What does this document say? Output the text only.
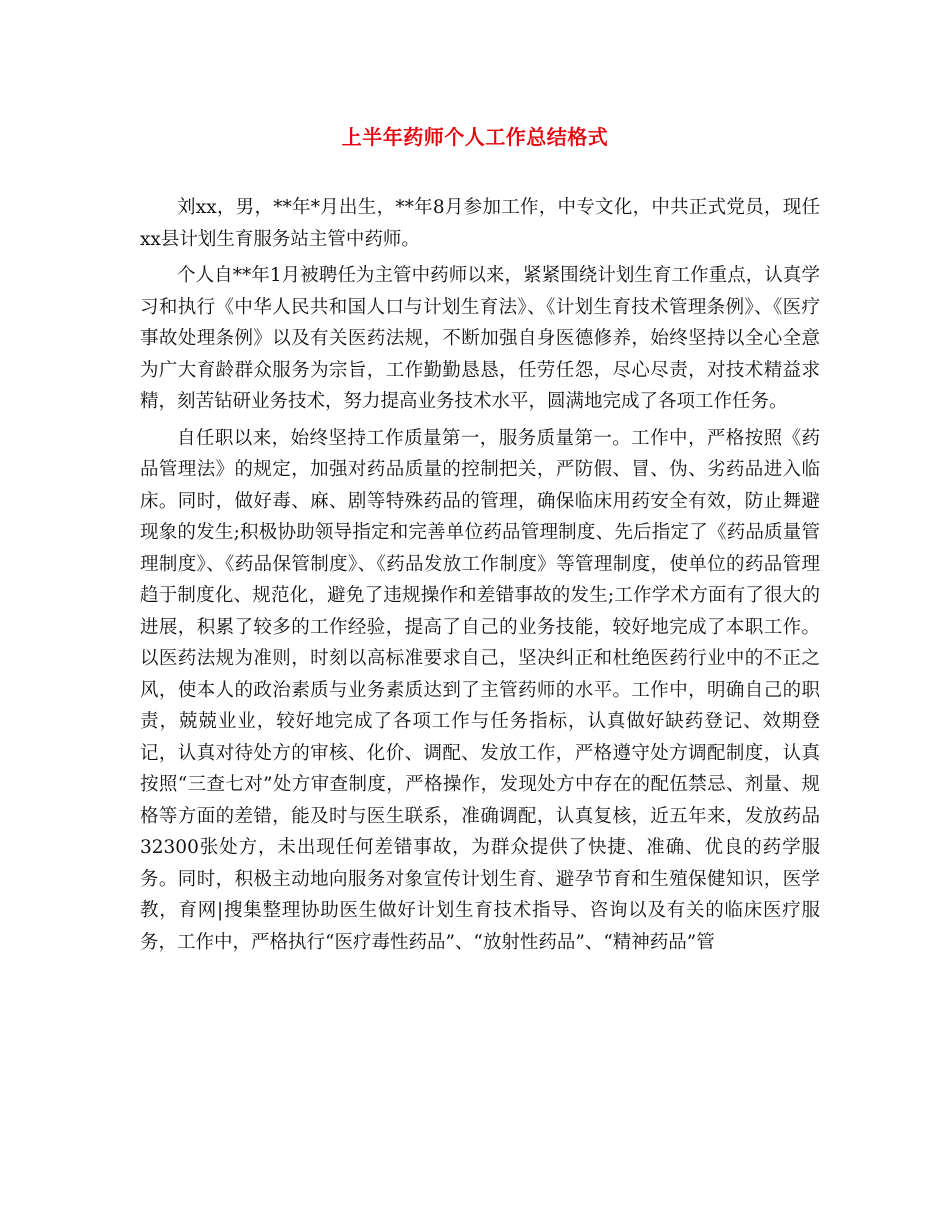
上半年药师个人工作总结格式

刘xx，男，**年*月出生，**年8月参加工作，中专文化，中共正式党员，现任xx县计划生育服务站主管中药师。

个人自**年1月被聘任为主管中药师以来，紧紧围绕计划生育工作重点，认真学习和执行《中华人民共和国人口与计划生育法》、《计划生育技术管理条例》、《医疗事故处理条例》以及有关医药法规，不断加强自身医德修养，始终坚持以全心全意为广大育龄群众服务为宗旨，工作勤勤恳恳，任劳任怨，尽心尽责，对技术精益求精，刻苦钻研业务技术，努力提高业务技术水平，圆满地完成了各项工作任务。

自任职以来，始终坚持工作质量第一，服务质量第一。工作中，严格按照《药品管理法》的规定，加强对药品质量的控制把关，严防假、冒、伪、劣药品进入临床。同时，做好毒、麻、剧等特殊药品的管理，确保临床用药安全有效，防止舞避现象的发生;积极协助领导指定和完善单位药品管理制度、先后指定了《药品质量管理制度》、《药品保管制度》、《药品发放工作制度》等管理制度，使单位的药品管理趋于制度化、规范化，避免了违规操作和差错事故的发生;工作学术方面有了很大的进展，积累了较多的工作经验，提高了自己的业务技能，较好地完成了本职工作。以医药法规为准则，时刻以高标准要求自己，坚决纠正和杜绝医药行业中的不正之风，使本人的政治素质与业务素质达到了主管药师的水平。工作中，明确自己的职责，兢兢业业，较好地完成了各项工作与任务指标，认真做好缺药登记、效期登记，认真对待处方的审核、化价、调配、发放工作，严格遵守处方调配制度，认真按照“三查七对”处方审查制度，严格操作，发现处方中存在的配伍禁忌、剂量、规格等方面的差错，能及时与医生联系，准确调配，认真复核，近五年来，发放药品32300张处方，未出现任何差错事故，为群众提供了快捷、准确、优良的药学服务。同时，积极主动地向服务对象宣传计划生育、避孕节育和生殖保健知识，医学教，育网|搜集整理协助医生做好计划生育技术指导、咨询以及有关的临床医疗服务，工作中，严格执行“医疗毒性药品”、“放射性药品”、“精神药品”管
